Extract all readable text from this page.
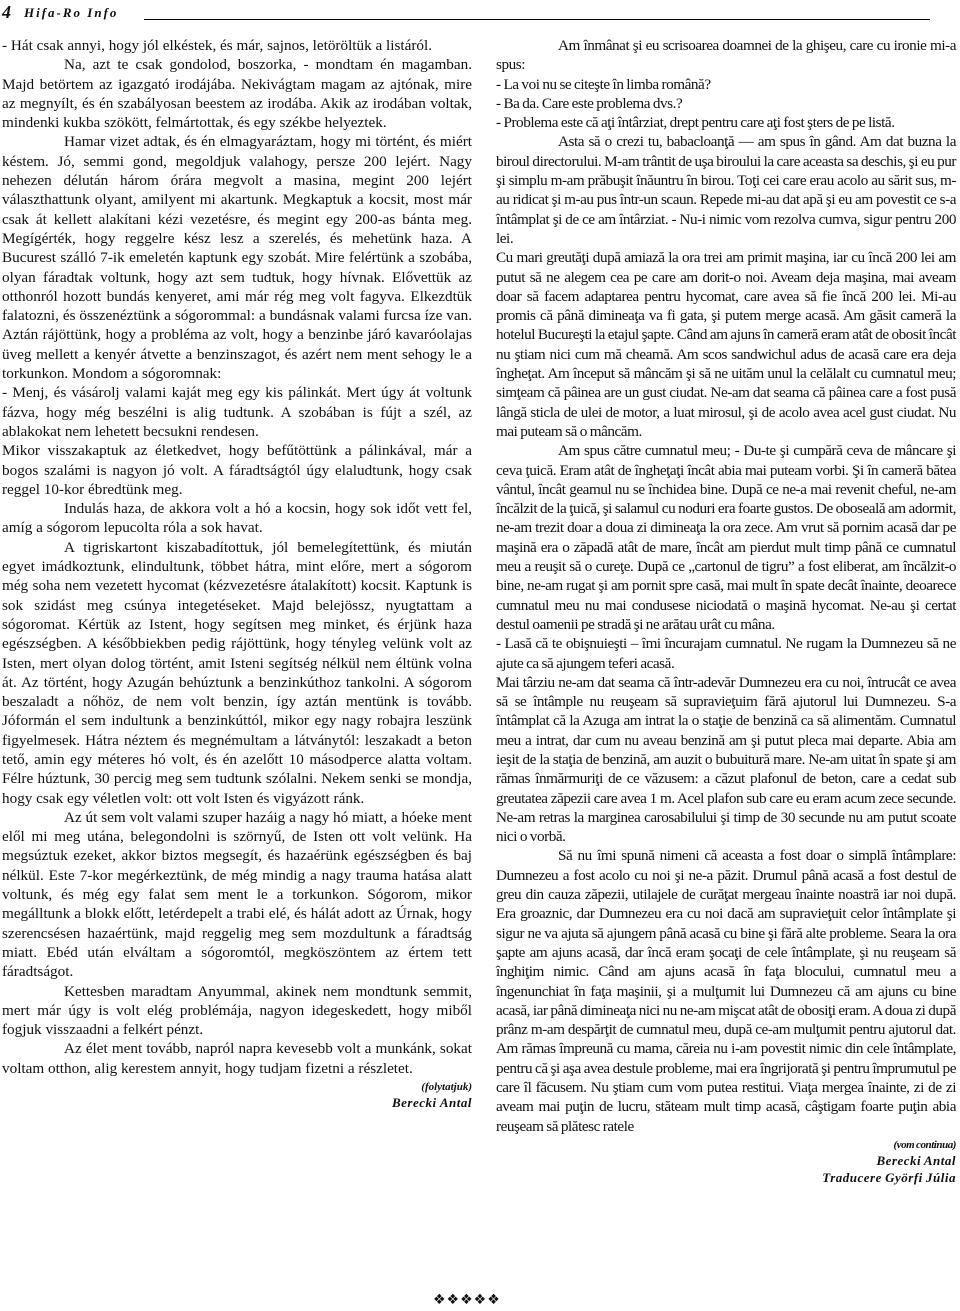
4 Hifa-Ro Info

- Hát csak annyi, hogy jól elkéstek, és már, sajnos, letöröltük a listáról.

Na, azt te csak gondolod, boszorka, - mondtam én magamban. Majd betörtem az igazgató irodájába. Nekivágtam magam az ajtónak, mire az megnyílt, és én szabályosan beestem az irodába. Akik az irodában voltak, mindenki kukba szökött, felmártottak, és egy székbe helyeztek.

Hamar vizet adtak, és én elmagyaráztam, hogy mi történt, és miért késtem. Jó, semmi gond, megoldjuk valahogy, persze 200 lejért. Nagy nehezen délután három órára megvolt a masina, megint 200 lejért választhattunk olyant, amilyent mi akartunk. Megkaptuk a kocsit, most már csak át kellett alakítani kézi vezetésre, és megint egy 200-as bánta meg. Megígérték, hogy reggelre kész lesz a szerelés, és mehetünk haza. A Bucurest szálló 7-ik emeletén kaptunk egy szobát. Mire felértünk a szobába, olyan fáradtak voltunk, hogy azt sem tudtuk, hogy hívnak. Elővettük az otthonról hozott bundás kenyeret, ami már rég meg volt fagyva. Elkezdtük falatozni, és összenéztünk a sógorommal: a bundásnak valami furcsa íze van. Aztán rájöttünk, hogy a probléma az volt, hogy a benzinbe járó kavaróolajas üveg mellett a kenyér átvette a benzinszagot, és azért nem ment sehogy le a torkunkon. Mondom a sógoromnak:

- Menj, és vásárolj valami kaját meg egy kis pálinkát. Mert úgy át voltunk fázva, hogy még beszélni is alig tudtunk. A szobában is fújt a szél, az ablakokat nem lehetett becsukni rendesen.

Mikor visszakaptuk az életkedvet, hogy befűtöttünk a pálinkával, már a bogos szalámi is nagyon jó volt. A fáradtságtól úgy elaludtunk, hogy csak reggel 10-kor ébredtünk meg.

Indulás haza, de akkora volt a hó a kocsin, hogy sok időt vett fel, amíg a sógorom lepucolta róla a sok havat.

A tigriskartont kiszabadítottuk, jól bemelegítettünk, és miután egyet imádkoztunk, elindultunk, többet hátra, mint előre, mert a sógorom még soha nem vezetett hycomat (kézvezetésre átalakított) kocsit. Kaptunk is sok szidást meg csúnya integetéseket. Majd belejössz, nyugtattam a sógoromat. Kértük az Istent, hogy segítsen meg minket, és érjünk haza egészségben. A későbbiekben pedig rájöttünk, hogy tényleg velünk volt az Isten, mert olyan dolog történt, amit Isteni segítség nélkül nem éltünk volna át. Az történt, hogy Azugán behúztunk a benzinkúthoz tankolni. A sógorom beszaladt a nőhöz, de nem volt benzin, így aztán mentünk is tovább. Jóformán el sem indultunk a benzinkúttól, mikor egy nagy robajra leszünk figyelmesek. Hátra néztem és megnémultam a látványtól: leszakadt a beton tető, amin egy méteres hó volt, és én azelőtt 10 másodperce alatta voltam. Félre húztunk, 30 percig meg sem tudtunk szólalni. Nekem senki se mondja, hogy csak egy véletlen volt: ott volt Isten és vigyázott ránk.

Az út sem volt valami szuper hazáig a nagy hó miatt, a hóeke ment elől mi meg utána, belegondolni is szörnyű, de Isten ott volt velünk. Ha megsúztuk ezeket, akkor biztos megsegít, és hazaérünk egészségben és baj nélkül. Este 7-kor megérkeztünk, de még mindig a nagy trauma hatása alatt voltunk, és még egy falat sem ment le a torkunkon. Sógorom, mikor megálltunk a blokk előtt, letérdepelt a trabi elé, és hálát adott az Úrnak, hogy szerencsésen hazaértünk, majd reggelig meg sem mozdultunk a fáradtság miatt. Ebéd után elváltam a sógoromtól, megköszöntem az értem tett fáradtságot.

Kettesben maradtam Anyummal, akinek nem mondtunk semmit, mert már úgy is volt elég problémája, nagyon idegeskedett, hogy miből fogjuk visszaadni a felkért pénzt.

Az élet ment tovább, napról napra kevesebb volt a munkánk, sokat voltam otthon, alig kerestem annyit, hogy tudjam fizetni a részletet.

(folytatjuk)
Berecki Antal

Am înmânat şi eu scrisoarea doamnei de la ghişeu, care cu ironie mi-a spus:

- La voi nu se citeşte în limba română?

- Ba da. Care este problema dvs.?

- Problema este că aţi întârziat, drept pentru care aţi fost şters de pe listă.

Asta să o crezi tu, babacloanţă — am spus în gând. Am dat buzna la biroul directorului. M-am trântit de uşa biroului la care aceasta sa deschis, şi eu pur şi simplu m-am prăbuşit înăuntru în birou. Toţi cei care erau acolo au sărit sus, m-au ridicat şi m-au pus într-un scaun. Repede mi-au dat apă şi eu am povestit ce s-a întâmplat şi de ce am întârziat. - Nu-i nimic vom rezolva cumva, sigur pentru 200 lei.

Cu mari greutăţi după amiază la ora trei am primit maşina, iar cu încă 200 lei am putut să ne alegem cea pe care am dorit-o noi. Aveam deja maşina, mai aveam doar să facem adaptarea pentru hycomat, care avea să fie încă 200 lei. Mi-au promis că până dimineaţa va fi gata, şi putem merge acasă. Am găsit cameră la hotelul Bucureşti la etajul şapte. Când am ajuns în cameră eram atât de obosit încât nu ştiam nici cum mă cheamă. Am scos sandwichul adus de acasă care era deja îngheţat. Am început să mâncăm şi să ne uităm unul la celălalt cu cumnatul meu; simţeam că pâinea are un gust ciudat. Ne-am dat seama că pâinea care a fost pusă lângă sticla de ulei de motor, a luat mirosul, şi de acolo avea acel gust ciudat. Nu mai puteam să o mâncăm.

Am spus către cumnatul meu; - Du-te şi cumpără ceva de mâncare şi ceva ţuică. Eram atât de îngheţaţi încât abia mai puteam vorbi. Şi în cameră bătea vântul, încât geamul nu se închidea bine. După ce ne-a mai revenit cheful, ne-am încălzit de la ţuică, şi salamul cu noduri era foarte gustos. De oboseală am adormit, ne-am trezit doar a doua zi dimineaţa la ora zece. Am vrut să pornim acasă dar pe maşină era o zăpadă atât de mare, încât am pierdut mult timp până ce cumnatul meu a reuşit să o cureţe. După ce „cartonul de tigru” a fost eliberat, am încălzit-o bine, ne-am rugat şi am pornit spre casă, mai mult în spate decât înainte, deoarece cumnatul meu nu mai condusese niciodată o maşină hycomat. Ne-au şi certat destul oamenii pe stradă şi ne arătau urât cu mâna.

- Lasă că te obişnuieşti – îmi încurajam cumnatul. Ne rugam la Dumnezeu să ne ajute ca să ajungem teferi acasă.

Mai târziu ne-am dat seama că într-adevăr Dumnezeu era cu noi, întrucât ce avea să se întâmple nu reuşeam să supravieţuim fără ajutorul lui Dumnezeu. S-a întâmplat că la Azuga am intrat la o staţie de benzină ca să alimentăm. Cumnatul meu a intrat, dar cum nu aveau benzină am şi putut pleca mai departe. Abia am ieşit de la staţia de benzină, am auzit o bubuitură mare. Ne-am uitat în spate şi am rămas înmărmuriţi de ce văzusem: a căzut plafonul de beton, care a cedat sub greutatea zăpezii care avea 1 m. Acel plafon sub care eu eram acum zece secunde. Ne-am retras la marginea carosabilului şi timp de 30 secunde nu am putut scoate nici o vorbă.

Să nu îmi spună nimeni că aceasta a fost doar o simplă întâmplare: Dumnezeu a fost acolo cu noi şi ne-a păzit. Drumul până acasă a fost destul de greu din cauza zăpezii, utilajele de curăţat mergeau înainte noastră iar noi după. Era groaznic, dar Dumnezeu era cu noi dacă am supravieţuit celor întâmplate şi sigur ne va ajuta să ajungem până acasă cu bine şi fără alte probleme. Seara la ora şapte am ajuns acasă, dar încă eram şocaţi de cele întâmplate, şi nu reuşeam să înghiţim nimic. Când am ajuns acasă în faţa blocului, cumnatul meu a îngenunchiat în faţa maşinii, şi a mulţumit lui Dumnezeu că am ajuns cu bine acasă, iar până dimineaţa nici nu ne-am mişcat atât de obosiţi eram. A doua zi după prânz m-am despărţit de cumnatul meu, după ce-am mulţumit pentru ajutorul dat. Am rămas împreună cu mama, căreia nu i-am povestit nimic din cele întâmplate, pentru că şi aşa avea destule probleme, mai era îngrijorată şi pentru împrumutul pe care îl făcusem. Nu ştiam cum vom putea restitui. Viaţa mergea înainte, zi de zi aveam mai puţin de lucru, stăteam mult timp acasă, câştigam foarte puţin abia reuşeam să plătesc ratele

(vom continua)
Berecki Antal
Traducere Györfi Júlia
❖❖❖❖❖
